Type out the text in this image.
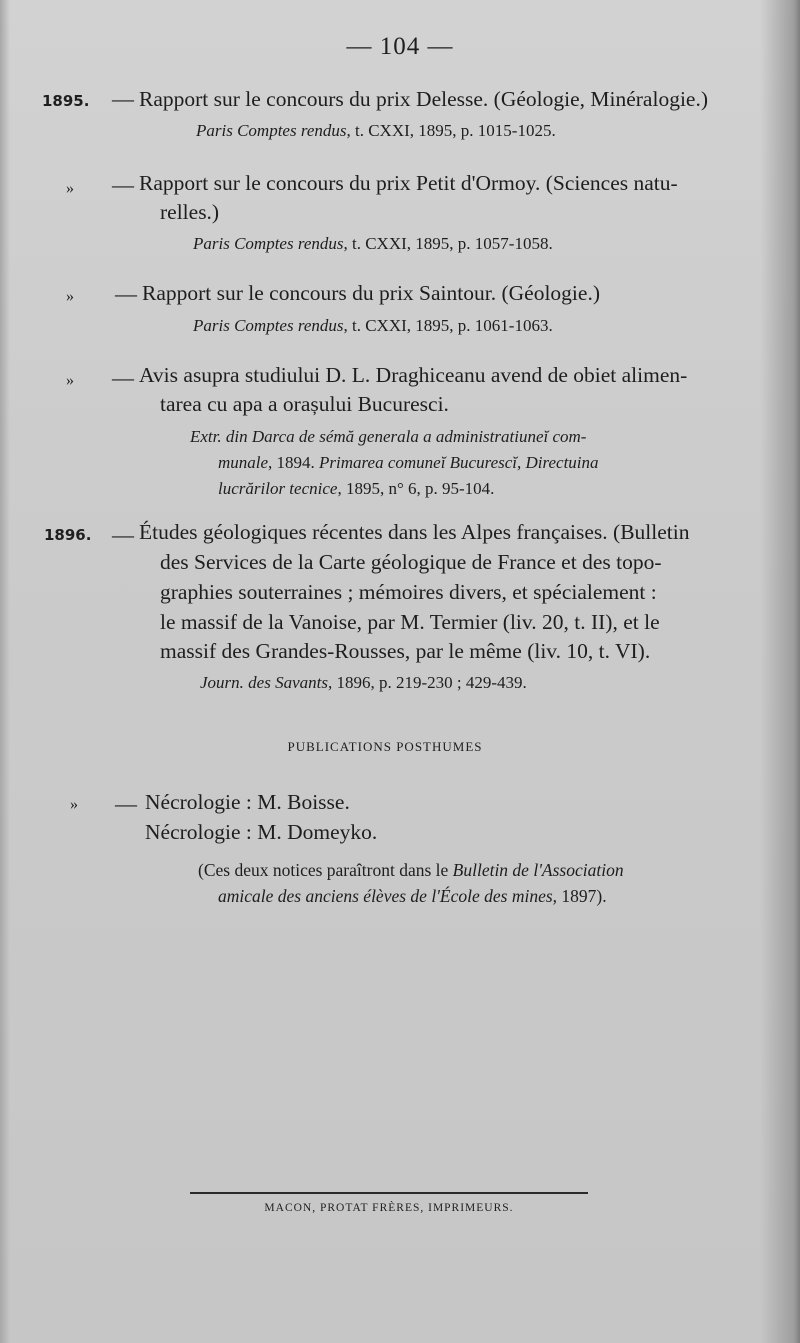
— 104 —
1895. — Rapport sur le concours du prix Delesse. (Géologie, Minéralogie.)
Paris Comptes rendus, t. CXXI, 1895, p. 1015-1025.
» — Rapport sur le concours du prix Petit d'Ormoy. (Sciences natu-
relles.)
Paris Comptes rendus, t. CXXI, 1895, p. 1057-1058.
» — Rapport sur le concours du prix Saintour. (Géologie.)
Paris Comptes rendus, t. CXXI, 1895, p. 1061-1063.
» — Avis asupra studiului D. L. Draghiceanu avend de obiet alimen-
tarea cu apa a orașului Bucuresci.
Extr. din Darca de sémă generala a administratiuneĭ com-
munale, 1894. Primarea comuneĭ Bucurescĭ, Directuina
lucrărilor tecnice, 1895, n° 6, p. 95-104.
1896. — Études géologiques récentes dans les Alpes françaises. (Bulletin
des Services de la Carte géologique de France et des topo-
graphies souterraines ; mémoires divers, et spécialement :
le massif de la Vanoise, par M. Termier (liv. 20, t. II), et le
massif des Grandes-Rousses, par le même (liv. 10, t. VI).
Journ. des Savants, 1896, p. 219-230 ; 429-439.
PUBLICATIONS POSTHUMES
» — Nécrologie : M. Boisse.
Nécrologie : M. Domeyko.
(Ces deux notices paraîtront dans le Bulletin de l'Association
amicale des anciens élèves de l'École des mines, 1897).
MACON, PROTAT FRÈRES, IMPRIMEURS.
